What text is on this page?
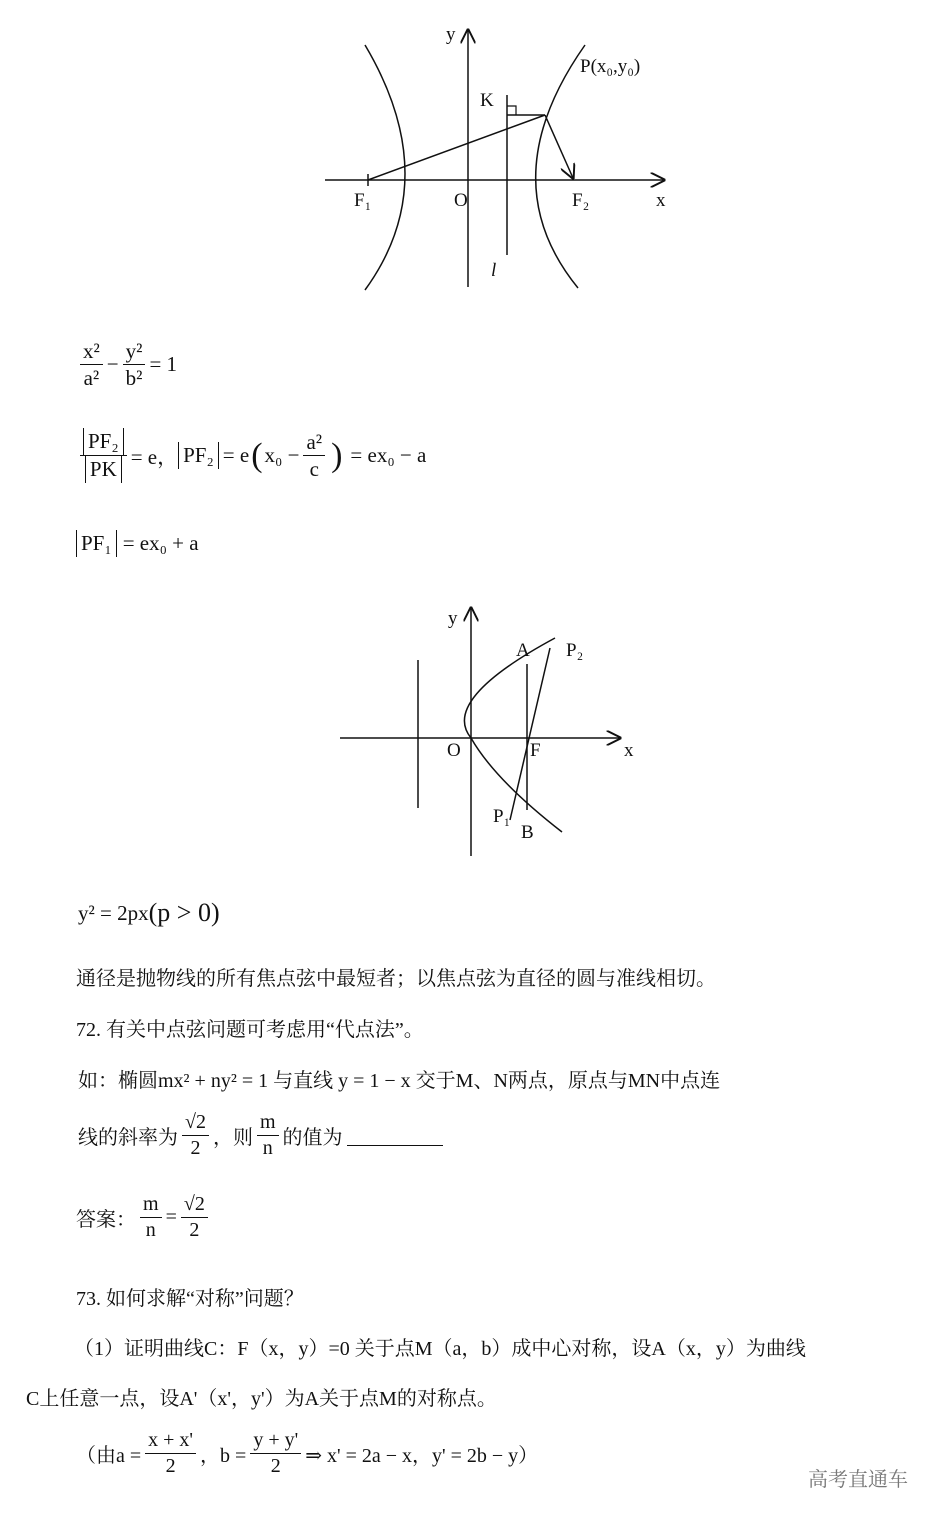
y
P(x₀,y₀)
K
F₁	O	F₂	x
l
$\frac{\text{x²}}{\text{a²}} - \frac{\text{y²}}{\text{b²}} = 1$
$\frac{\text{PF₂}}{PK} = e$， PF₂ = e ( $x_0 - \frac{\text{a²}}{c}$ ) = ex₀ − a
PF₁ = ex₀ + a
y
A P₂
O	F	x
P₁
B
y² = 2px (p > 0)
通径是抛物线的所有焦点弦中最短者；以焦点弦为直径的圆与准线相切。
72. 有关中点弦问题可考虑用“代点法”。
如：椭圆mx² + ny² = 1 与直线 y = 1 − x 交于M、N两点，原点与MN中点连
线的斜率为 $\frac{√2}{2}$ ，则 $\frac{m}{n}$ 的值为
答案： $\frac{m}{n} = \frac{√2}{2}$
73. 如何求解“对称”问题？
（1）证明曲线C：F（x，y）=0 关于点M（a，b）成中心对称，设A（x，y）为曲线
C上任意一点，设A'（x'，y'）为A关于点M的对称点。
（由$a = \frac{x + x'}{2}$ ，$b = \frac{y + y'}{2}$ ⇒ x' = 2a − x，y' = 2b − y）
高考直通车
